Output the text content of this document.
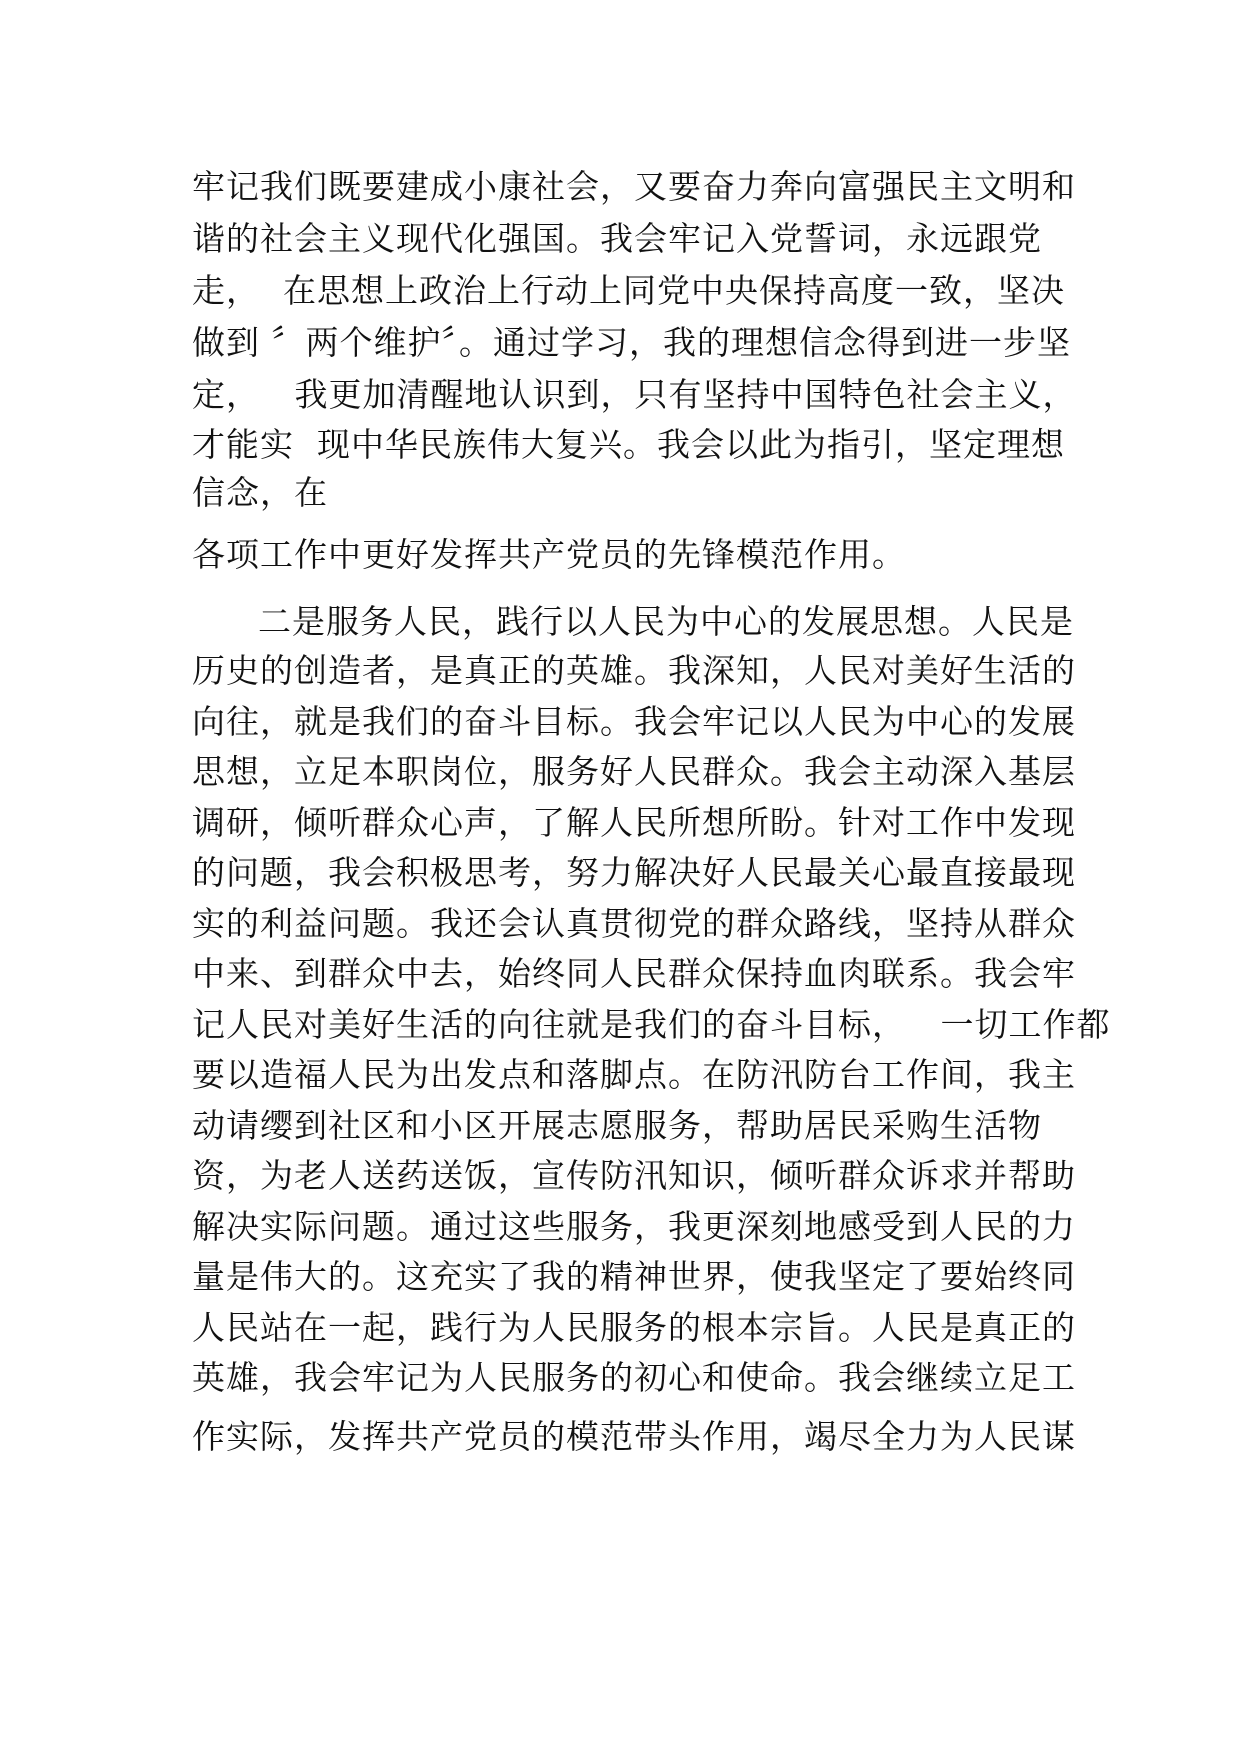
牢记我们既要建成小康社会，又要奋力奔向富强民主文明和

谐的社会主义现代化强国。我会牢记入党誓词，永远跟党

走，  在思想上政治上行动上同党中央保持高度一致，坚决

做到 〞两个维护〞。通过学习，我的理想信念得到进一步坚

定，   我更加清醒地认识到，只有坚持中国特色社会主义，

才能实  现中华民族伟大复兴。我会以此为指引，坚定理想

信念，在

各项工作中更好发挥共产党员的先锋模范作用。

二是服务人民，践行以人民为中心的发展思想。人民是

历史的创造者，是真正的英雄。我深知，人民对美好生活的

向往，就是我们的奋斗目标。我会牢记以人民为中心的发展

思想，立足本职岗位，服务好人民群众。我会主动深入基层

调研，倾听群众心声，了解人民所想所盼。针对工作中发现

的问题，我会积极思考，努力解决好人民最关心最直接最现

实的利益问题。我还会认真贯彻党的群众路线，坚持从群众

中来、到群众中去，始终同人民群众保持血肉联系。我会牢

记人民对美好生活的向往就是我们的奋斗目标，   一切工作都

要以造福人民为出发点和落脚点。在防汛防台工作间，我主

动请缨到社区和小区开展志愿服务，帮助居民采购生活物

资，为老人送药送饭，宣传防汛知识，倾听群众诉求并帮助

解决实际问题。通过这些服务，我更深刻地感受到人民的力

量是伟大的。这充实了我的精神世界，使我坚定了要始终同

人民站在一起，践行为人民服务的根本宗旨。人民是真正的

英雄，我会牢记为人民服务的初心和使命。我会继续立足工

作实际，发挥共产党员的模范带头作用，竭尽全力为人民谋
